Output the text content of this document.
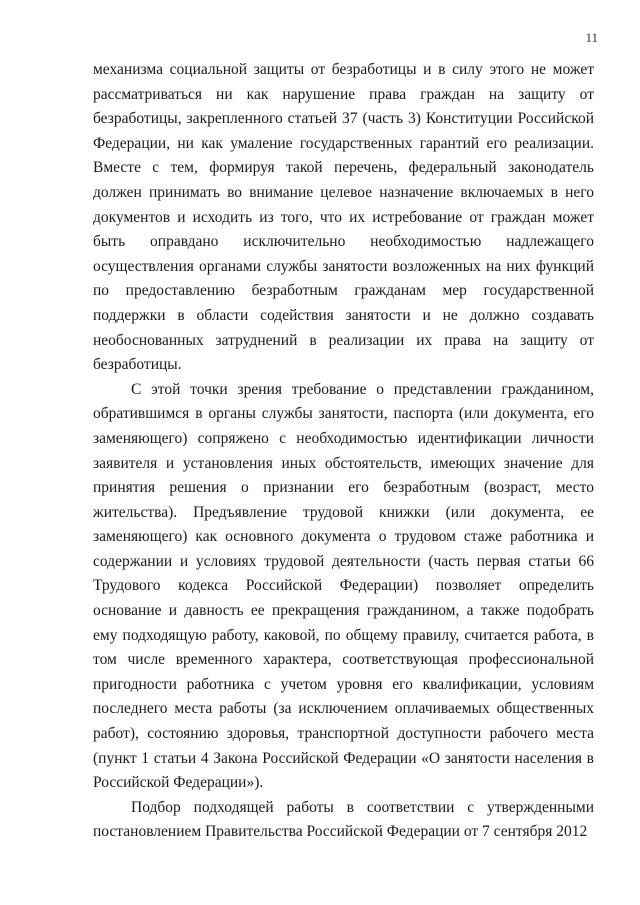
11

механизма социальной защиты от безработицы и в силу этого не может рассматриваться ни как нарушение права граждан на защиту от безработицы, закрепленного статьей 37 (часть 3) Конституции Российской Федерации, ни как умаление государственных гарантий его реализации. Вместе с тем, формируя такой перечень, федеральный законодатель должен принимать во внимание целевое назначение включаемых в него документов и исходить из того, что их истребование от граждан может быть оправдано исключительно необходимостью надлежащего осуществления органами службы занятости возложенных на них функций по предоставлению безработным гражданам мер государственной поддержки в области содействия занятости и не должно создавать необоснованных затруднений в реализации их права на защиту от безработицы.

С этой точки зрения требование о представлении гражданином, обратившимся в органы службы занятости, паспорта (или документа, его заменяющего) сопряжено с необходимостью идентификации личности заявителя и установления иных обстоятельств, имеющих значение для принятия решения о признании его безработным (возраст, место жительства). Предъявление трудовой книжки (или документа, ее заменяющего) как основного документа о трудовом стаже работника и содержании и условиях трудовой деятельности (часть первая статьи 66 Трудового кодекса Российской Федерации) позволяет определить основание и давность ее прекращения гражданином, а также подобрать ему подходящую работу, каковой, по общему правилу, считается работа, в том числе временного характера, соответствующая профессиональной пригодности работника с учетом уровня его квалификации, условиям последнего места работы (за исключением оплачиваемых общественных работ), состоянию здоровья, транспортной доступности рабочего места (пункт 1 статьи 4 Закона Российской Федерации «О занятости населения в Российской Федерации»).

Подбор подходящей работы в соответствии с утвержденными постановлением Правительства Российской Федерации от 7 сентября 2012
